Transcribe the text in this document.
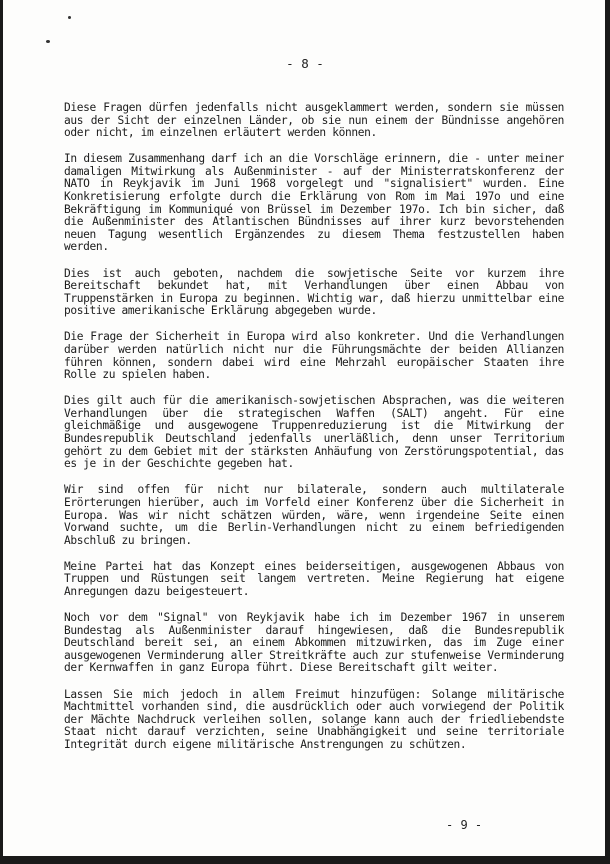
- 8 -

Diese Fragen dürfen jedenfalls nicht ausgeklammert werden, sondern sie müssen aus der Sicht der einzelnen Länder, ob sie nun einem der Bündnisse angehören oder nicht, im einzelnen erläutert werden können.

In diesem Zusammenhang darf ich an die Vorschläge erinnern, die - unter meiner damaligen Mitwirkung als Außenminister - auf der Ministerratskonferenz der NATO in Reykjavik im Juni 1968 vorgelegt und "signalisiert" wurden. Eine Konkretisierung erfolgte durch die Erklärung von Rom im Mai 197o und eine Bekräftigung im Kommuniqué von Brüssel im Dezember 197o. Ich bin sicher, daß die Außenminister des Atlantischen Bündnisses auf ihrer kurz bevorstehenden neuen Tagung wesentlich Ergänzendes zu diesem Thema festzustellen haben werden.

Dies ist auch geboten, nachdem die sowjetische Seite vor kurzem ihre Bereitschaft bekundet hat, mit Verhandlungen über einen Abbau von Truppenstärken in Europa zu beginnen. Wichtig war, daß hierzu unmittelbar eine positive amerikanische Erklärung abgegeben wurde.

Die Frage der Sicherheit in Europa wird also konkreter. Und die Verhandlungen darüber werden natürlich nicht nur die Führungsmächte der beiden Allianzen führen können, sondern dabei wird eine Mehrzahl europäischer Staaten ihre Rolle zu spielen haben.

Dies gilt auch für die amerikanisch-sowjetischen Absprachen, was die weiteren Verhandlungen über die strategischen Waffen (SALT) angeht. Für eine gleichmäßige und ausgewogene Truppenreduzierung ist die Mitwirkung der Bundesrepublik Deutschland jedenfalls unerläßlich, denn unser Territorium gehört zu dem Gebiet mit der stärksten Anhäufung von Zerstörungspotential, das es je in der Geschichte gegeben hat.

Wir sind offen für nicht nur bilaterale, sondern auch multilaterale Erörterungen hierüber, auch im Vorfeld einer Konferenz über die Sicherheit in Europa. Was wir nicht schätzen würden, wäre, wenn irgendeine Seite einen Vorwand suchte, um die Berlin-Verhandlungen nicht zu einem befriedigenden Abschluß zu bringen.

Meine Partei hat das Konzept eines beiderseitigen, ausgewogenen Abbaus von Truppen und Rüstungen seit langem vertreten. Meine Regierung hat eigene Anregungen dazu beigesteuert.

Noch vor dem "Signal" von Reykjavik habe ich im Dezember 1967 in unserem Bundestag als Außenminister darauf hingewiesen, daß die Bundesrepublik Deutschland bereit sei, an einem Abkommen mitzuwirken, das im Zuge einer ausgewogenen Verminderung aller Streitkräfte auch zur stufenweise Verminderung der Kernwaffen in ganz Europa führt. Diese Bereitschaft gilt weiter.

Lassen Sie mich jedoch in allem Freimut hinzufügen: Solange militärische Machtmittel vorhanden sind, die ausdrücklich oder auch vorwiegend der Politik der Mächte Nachdruck verleihen sollen, solange kann auch der friedliebendste Staat nicht darauf verzichten, seine Unabhängigkeit und seine territoriale Integrität durch eigene militärische Anstrengungen zu schützen.

- 9 -
